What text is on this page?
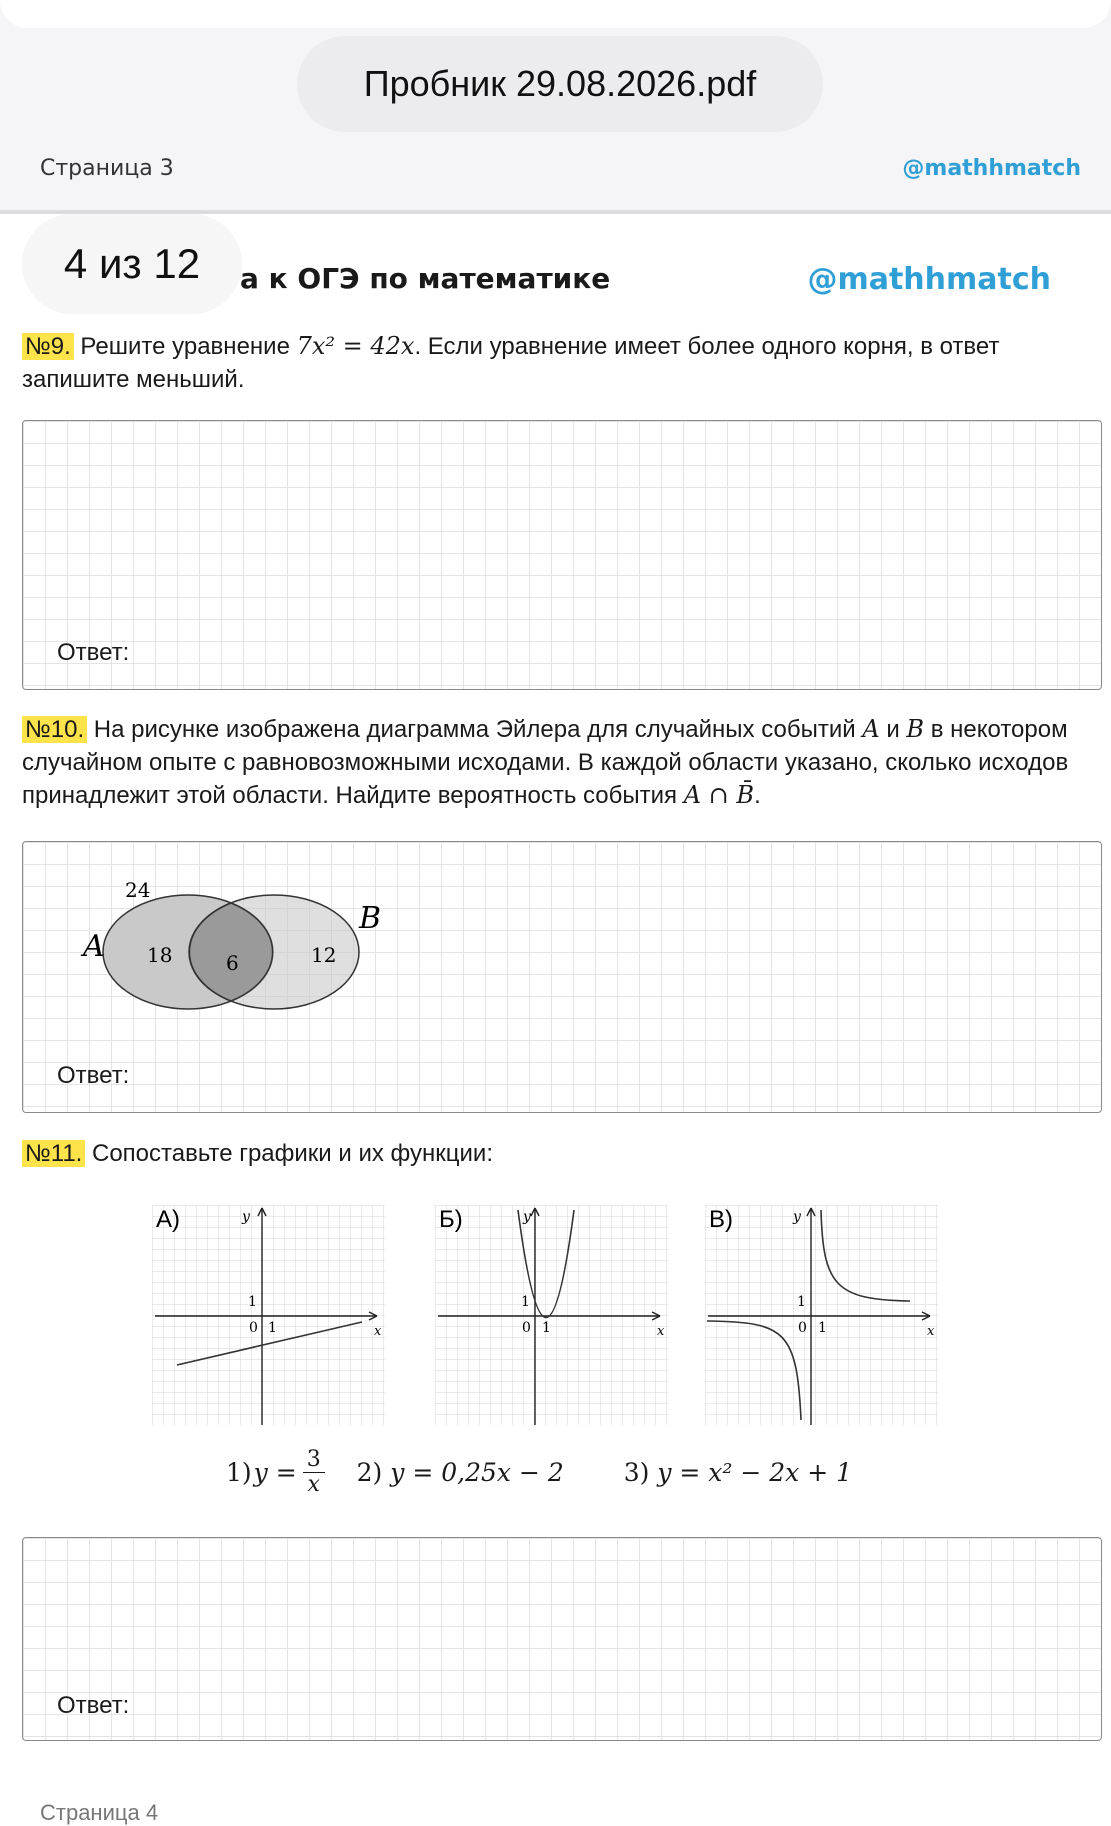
Пробник 29.08.2026.pdf
Страница 3	@mathhmatch
4 из 12	а к ОГЭ по математике	@mathhmatch
№9. Решите уравнение 7x² = 42x. Если уравнение имеет более одного корня, в ответ запишите меньший.
Ответ:
№10. На рисунке изображена диаграмма Эйлера для случайных событий A и B в некотором случайном опыте с равновозможными исходами. В каждой области указано, сколько исходов принадлежит этой области. Найдите вероятность события A ∩ B̄.
24
A
B
18	6	12
Ответ:
№11. Сопоставьте графики и их функции:
А)	y
x
1
0 1
Б)	y
x
1
0 1
В)	y
x
1
0 1
1) $y = \frac{3}{x} 2$) y = 0,25x − 2 3) y = x² − 2x + 1
Ответ:
Страница 4
